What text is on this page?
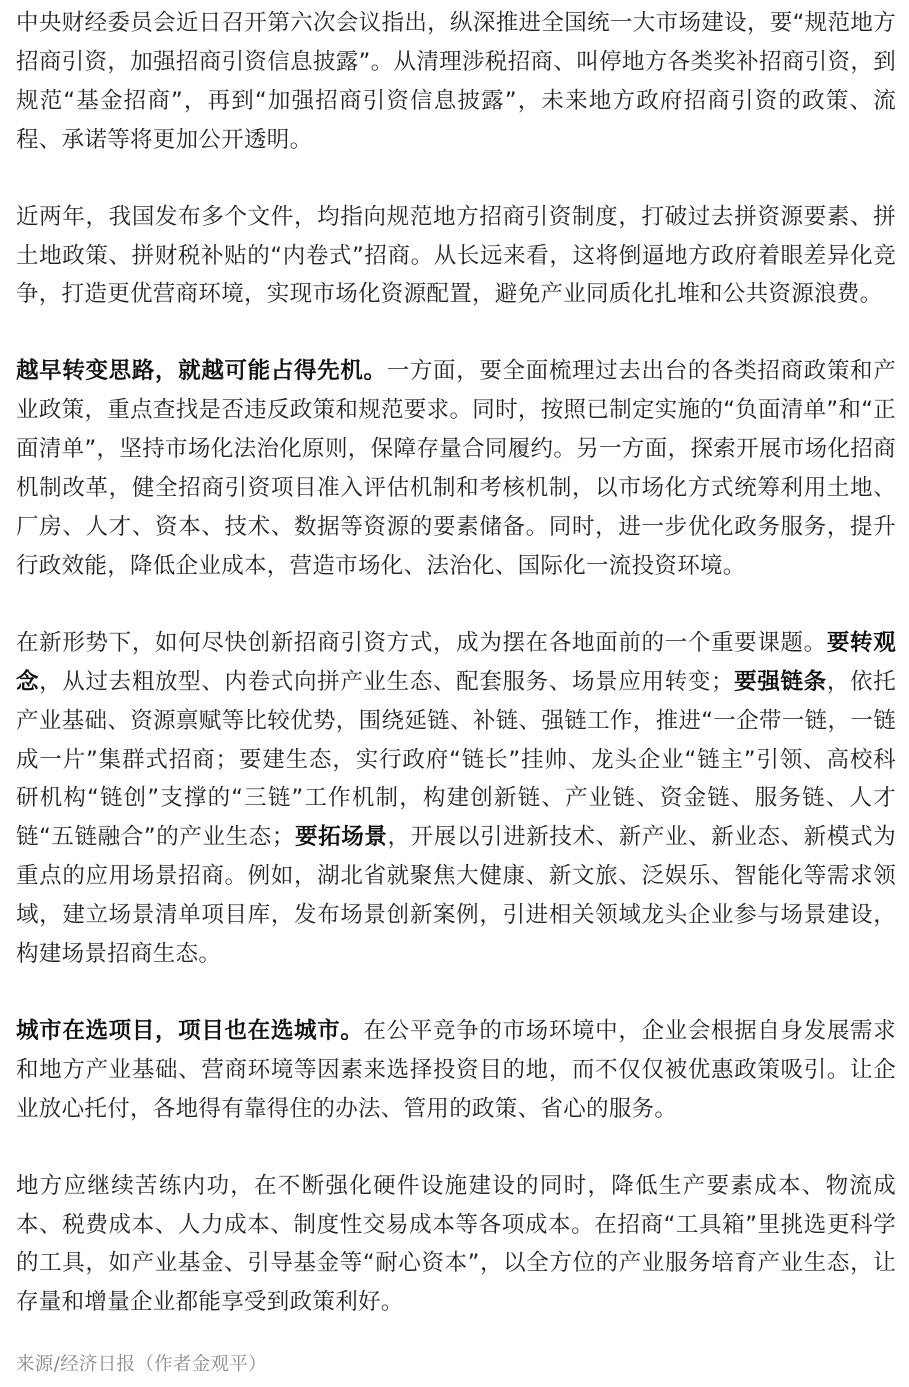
中央财经委员会近日召开第六次会议指出，纵深推进全国统一大市场建设，要“规范地方招商引资，加强招商引资信息披露”。从清理涉税招商、叫停地方各类奖补招商引资，到规范“基金招商”，再到“加强招商引资信息披露”，未来地方政府招商引资的政策、流程、承诺等将更加公开透明。

近两年，我国发布多个文件，均指向规范地方招商引资制度，打破过去拼资源要素、拼土地政策、拼财税补贴的“内卷式”招商。从长远来看，这将倒逼地方政府着眼差异化竞争，打造更优营商环境，实现市场化资源配置，避免产业同质化扎堆和公共资源浪费。

越早转变思路，就越可能占得先机。一方面，要全面梳理过去出台的各类招商政策和产业政策，重点查找是否违反政策和规范要求。同时，按照已制定实施的“负面清单”和“正面清单”，坚持市场化法治化原则，保障存量合同履约。另一方面，探索开展市场化招商机制改革，健全招商引资项目准入评估机制和考核机制，以市场化方式统筹利用土地、厂房、人才、资本、技术、数据等资源的要素储备。同时，进一步优化政务服务，提升行政效能，降低企业成本，营造市场化、法治化、国际化一流投资环境。

在新形势下，如何尽快创新招商引资方式，成为摆在各地面前的一个重要课题。要转观念，从过去粗放型、内卷式向拼产业生态、配套服务、场景应用转变；要强链条，依托产业基础、资源禀赋等比较优势，围绕延链、补链、强链工作，推进“一企带一链，一链成一片”集群式招商；要建生态，实行政府“链长”挂帅、龙头企业“链主”引领、高校科研机构“链创”支撑的“三链”工作机制，构建创新链、产业链、资金链、服务链、人才链“五链融合”的产业生态；要拓场景，开展以引进新技术、新产业、新业态、新模式为重点的应用场景招商。例如，湖北省就聚焦大健康、新文旅、泛娱乐、智能化等需求领域，建立场景清单项目库，发布场景创新案例，引进相关领域龙头企业参与场景建设，构建场景招商生态。

城市在选项目，项目也在选城市。在公平竞争的市场环境中，企业会根据自身发展需求和地方产业基础、营商环境等因素来选择投资目的地，而不仅仅被优惠政策吸引。让企业放心托付，各地得有靠得住的办法、管用的政策、省心的服务。

地方应继续苦练内功，在不断强化硬件设施建设的同时，降低生产要素成本、物流成本、税费成本、人力成本、制度性交易成本等各项成本。在招商“工具箱”里挑选更科学的工具，如产业基金、引导基金等“耐心资本”，以全方位的产业服务培育产业生态，让存量和增量企业都能享受到政策利好。

来源/经济日报（作者金观平）
